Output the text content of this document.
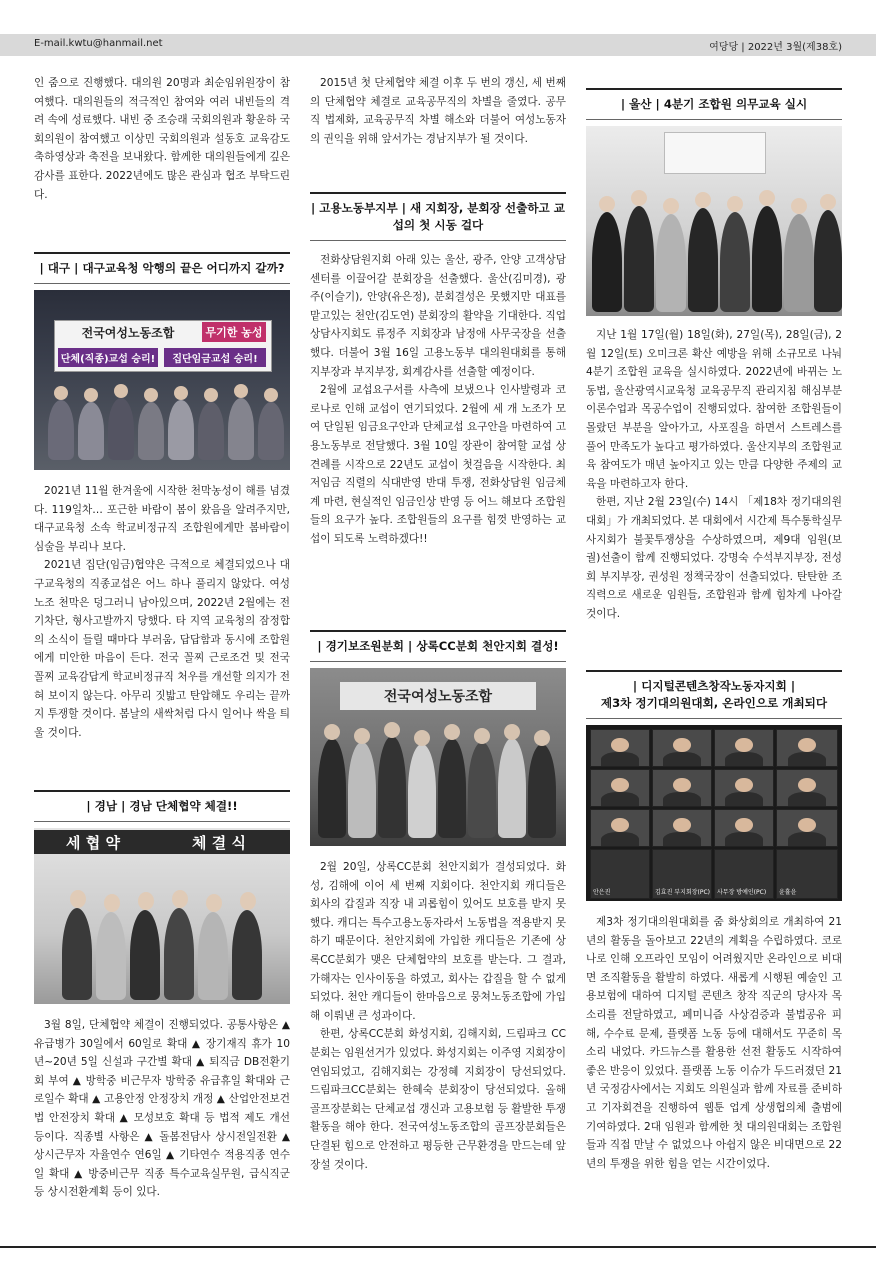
E-mail.kwtu@hanmail.net	여당당 | 2022년 3월(제38호)

인 줌으로 진행했다. 대의원 20명과 최순임위원장이 참여했다. 대의원들의 적극적인 참여와 여러 내빈들의 격려 속에 성료했다. 내빈 중 조승래 국회의원과 황운하 국회의원이 참여했고 이상민 국회의원과 설동호 교육감도 축하영상과 축전을 보내왔다. 함께한 대의원들에게 깊은 감사를 표한다. 2022년에도 많은 관심과 협조 부탁드린다.

| 대구 | 대구교육청 악행의 끝은 어디까지 갈까?
전국여성노동조합	무기한 농성
단체(직종)교섭 승리!	집단임금교섭 승리!

2021년 11월 한겨울에 시작한 천막농성이 해를 넘겼다. 119일차… 포근한 바람이 봄이 왔음을 알려주지만, 대구교육청 소속 학교비정규직 조합원에게만 봄바람이 심술을 부리나 보다.

2021년 집단(임금)협약은 극적으로 체결되었으나 대구교육청의 직종교섭은 어느 하나 풀리지 않았다. 여성노조 천막은 덩그러니 남아있으며, 2022년 2월에는 전기차단, 형사고발까지 당했다. 타 지역 교육청의 잠정합의 소식이 들릴 때마다 부러움, 답답함과 동시에 조합원에게 미안한 마음이 든다. 전국 꼴찌 근로조건 및 전국 꼴찌 교육감답게 학교비정규직 처우를 개선할 의지가 전혀 보이지 않는다. 아무리 짓밟고 탄압해도 우리는 끝까지 투쟁할 것이다. 봄날의 새싹처럼 다시 일어나 싹을 틔울 것이다.

| 경남 | 경남 단체협약 체결!!
세 협 약	체 결 식

3월 8일, 단체협약 체결이 진행되었다. 공통사항은 ▲ 유급병가 30일에서 60일로 확대 ▲ 장기재직 휴가 10년~20년 5일 신설과 구간별 확대 ▲ 퇴직금 DB전환기회 부여 ▲ 방학중 비근무자 방학중 유급휴일 확대와 근로일수 확대 ▲ 고용안정 안정장치 개정 ▲ 산업안전보건법 안전장치 확대 ▲ 모성보호 확대 등 법적 제도 개선 등이다. 직종별 사항은 ▲ 돌봄전담사 상시전일전환 ▲ 상시근무자 자율연수 연6일 ▲ 기타연수 적용직종 연수일 확대 ▲ 방중비근무 직종 특수교육실무원, 급식직군 등 상시전환계획 등이 있다.

2015년 첫 단체협약 체결 이후 두 번의 갱신, 세 번째의 단체협약 체결로 교육공무직의 차별을 줄였다. 공무직 법제화, 교육공무직 차별 해소와 더불어 여성노동자의 권익을 위해 앞서가는 경남지부가 될 것이다.

| 고용노동부지부 | 새 지회장, 분회장 선출하고 교섭의 첫 시동 걸다

전화상담원지회 아래 있는 울산, 광주, 안양 고객상담센터를 이끌어갈 분회장을 선출했다. 울산(김미경), 광주(이슬기), 안양(유은정), 분회결성은 못했지만 대표를 맡고있는 천안(김도연) 분회장의 활약을 기대한다. 직업상담사지회도 류정주 지회장과 남정애 사무국장을 선출했다. 더불어 3월 16일 고용노동부 대의원대회를 통해 지부장과 부지부장, 회계감사를 선출할 예정이다.

2월에 교섭요구서를 사측에 보냈으나 인사발령과 코로나로 인해 교섭이 연기되었다. 2월에 세 개 노조가 모여 단일된 임금요구안과 단체교섭 요구안을 마련하여 고용노동부로 전달했다. 3월 10일 장관이 참여할 교섭 상견례를 시작으로 22년도 교섭이 첫걸음을 시작한다. 최저임금 직렬의 식대반영 반대 투쟁, 전화상담원 임금체계 마련, 현실적인 임금인상 반영 등 어느 해보다 조합원들의 요구가 높다. 조합원들의 요구를 힘껏 반영하는 교섭이 되도록 노력하겠다!!

| 경기보조원분회 | 상록CC분회 천안지회 결성!
전국여성노동조합

2월 20일, 상록CC분회 천안지회가 결성되었다. 화성, 김해에 이어 세 번째 지회이다. 천안지회 캐디들은 회사의 갑질과 직장 내 괴롭힘이 있어도 보호를 받지 못했다. 캐디는 특수고용노동자라서 노동법을 적용받지 못하기 때문이다. 천안지회에 가입한 캐디들은 기존에 상록CC분회가 맺은 단체협약의 보호를 받는다. 그 결과, 가해자는 인사이동을 하였고, 회사는 갑질을 할 수 없게 되었다. 천안 캐디들이 한마음으로 뭉쳐노동조합에 가입해 이뤄낸 큰 성과이다.

한편, 상록CC분회 화성지회, 김해지회, 드림파크 CC분회는 임원선거가 있었다. 화성지회는 이주영 지회장이 연임되었고, 김해지회는 강정혜 지회장이 당선되었다. 드림파크CC분회는 한혜숙 분회장이 당선되었다. 올해 골프장분회는 단체교섭 갱신과 고용보험 등 활발한 투쟁활동을 해야 한다. 전국여성노동조합의 골프장분회들은 단결된 힘으로 안전하고 평등한 근무환경을 만드는데 앞장설 것이다.

| 울산 | 4분기 조합원 의무교육 실시

지난 1월 17일(월) 18일(화), 27일(목), 28일(금), 2월 12일(토) 오미크론 확산 예방을 위해 소규모로 나눠 4분기 조합원 교육을 실시하였다. 2022년에 바뀌는 노동법, 울산광역시교육청 교육공무직 관리지침 해심부분 이론수업과 목공수업이 진행되었다. 참여한 조합원들이 몰랐던 부분을 알아가고, 사포질을 하면서 스트레스를 풀어 만족도가 높다고 평가하였다. 울산지부의 조합원교육 참여도가 매년 높아지고 있는 만큼 다양한 주제의 교육을 마련하고자 한다.

한편, 지난 2월 23일(수) 14시 「제18차 정기대의원대회」가 개최되었다. 본 대회에서 시간제 특수통학실무사지회가 불꽃투쟁상을 수상하였으며, 제9대 임원(보궐)선출이 함께 진행되었다. 강명숙 수석부지부장, 전성희 부지부장, 권성원 정책국장이 선출되었다. 탄탄한 조직력으로 새로운 임원들, 조합원과 함께 힘차게 나아갈 것이다.

| 디지털콘텐츠창작노동자지회 |
제3차 정기대의원대회, 온라인으로 개최되다
김효진 부지회장(PC) 사무장 방예인(PC)
안은진	윤휼윤

제3차 정기대의원대회를 줌 화상회의로 개최하여 21년의 활동을 돌아보고 22년의 계획을 수립하였다. 코로나로 인해 오프라인 모임이 어려웠지만 온라인으로 비대면 조직활동을 활발히 하였다. 새롭게 시행된 예술인 고용보험에 대하여 디지털 콘텐츠 창작 직군의 당사자 목소리를 전달하였고, 페미니즘 사상검증과 불법공유 피해, 수수료 문제, 플랫폼 노동 등에 대해서도 꾸준히 목소리 내었다. 카드뉴스를 활용한 선전 활동도 시작하여 좋은 반응이 있었다. 플랫폼 노동 이슈가 두드러졌던 21년 국정감사에서는 지회도 의원실과 함께 자료를 준비하고 기자회견을 진행하여 웹툰 업계 상생협의체 출범에 기여하였다. 2대 임원과 함께한 첫 대의원대회는 조합원들과 직접 만날 수 없었으나 아쉽지 않은 비대면으로 22년의 투쟁을 위한 힘을 얻는 시간이었다.
